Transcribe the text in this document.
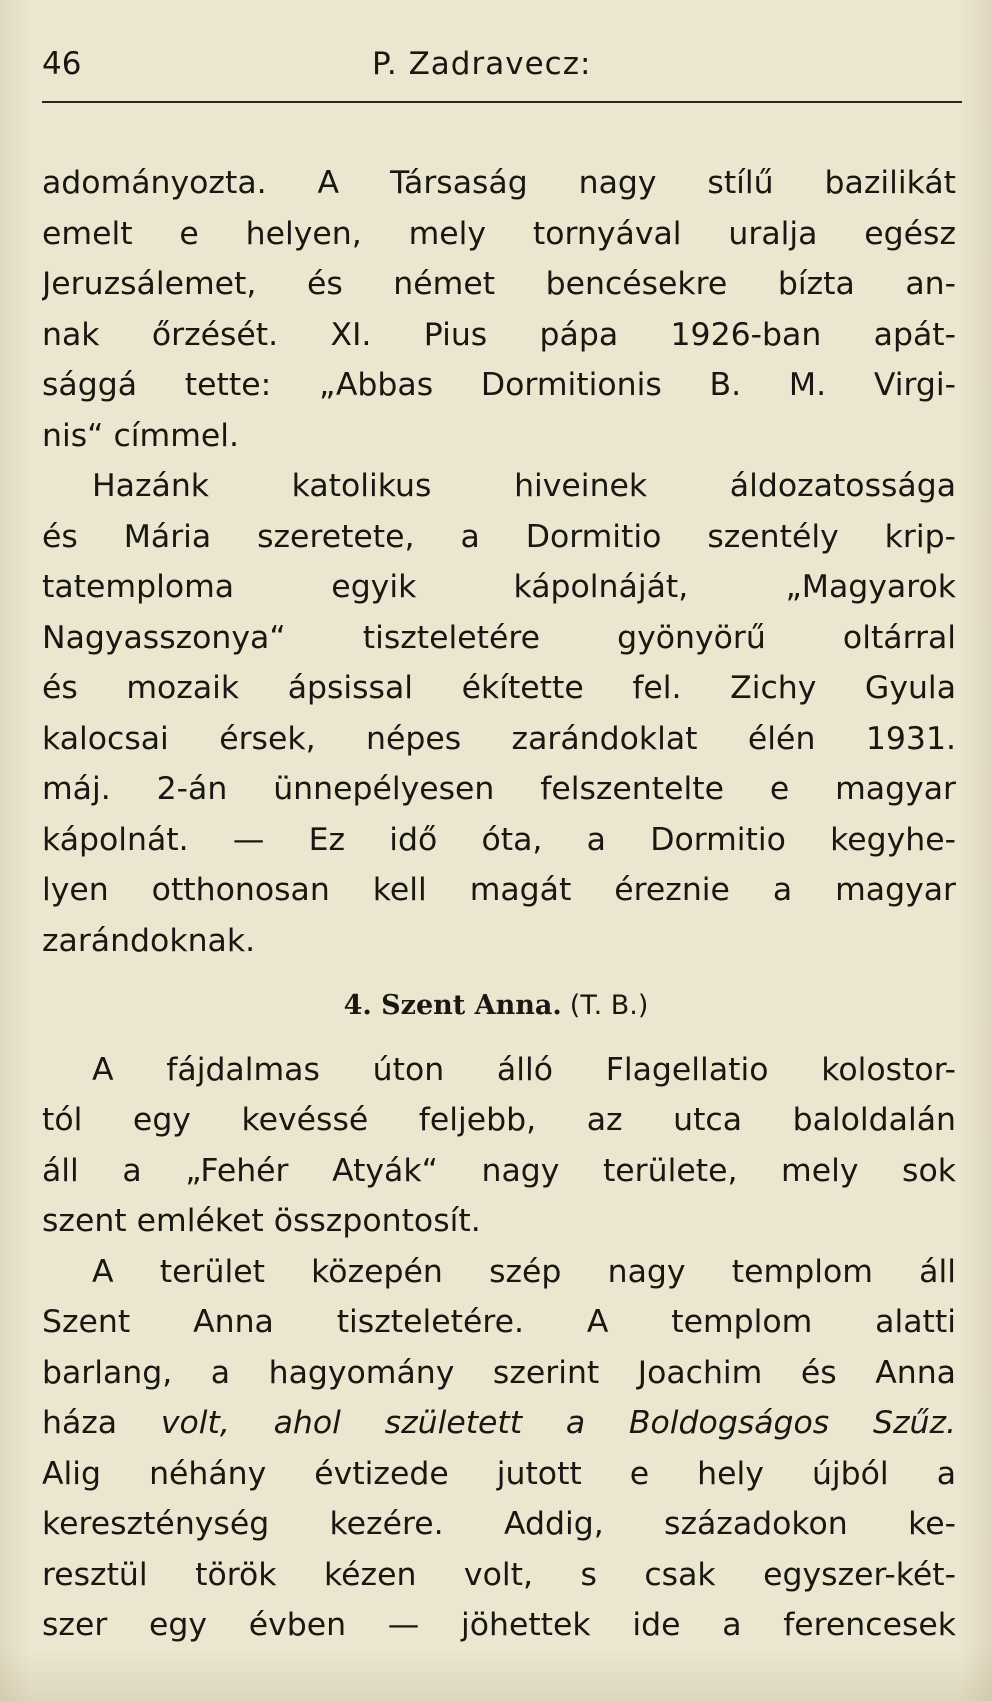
46	P. Zadravecz:
adományozta. A Társaság nagy stílű bazilikát
emelt e helyen, mely tornyával uralja egész
Jeruzsálemet, és német bencésekre bízta an-
nak őrzését. XI. Pius pápa 1926-ban apát-
sággá tette: „Abbas Dormitionis B. M. Virgi-
nis“ címmel.
Hazánk katolikus hiveinek áldozatossága
és Mária szeretete, a Dormitio szentély krip-
tatemploma egyik kápolnáját, „Magyarok
Nagyasszonya“ tiszteletére gyönyörű oltárral
és mozaik ápsissal ékítette fel. Zichy Gyula
kalocsai érsek, népes zarándoklat élén 1931.
máj. 2-án ünnepélyesen felszentelte e magyar
kápolnát. — Ez idő óta, a Dormitio kegyhe-
lyen otthonosan kell magát éreznie a magyar
zarándoknak.
4. Szent Anna. (T. B.)
A fájdalmas úton álló Flagellatio kolostor-
tól egy kevéssé feljebb, az utca baloldalán
áll a „Fehér Atyák“ nagy területe, mely sok
szent emléket összpontosít.
A terület közepén szép nagy templom áll
Szent Anna tiszteletére. A templom alatti
barlang, a hagyomány szerint Joachim és Anna
háza volt, ahol született a Boldogságos Szűz.
Alig néhány évtizede jutott e hely újból a
kereszténység kezére. Addig, századokon ke-
resztül török kézen volt, s csak egyszer-két-
szer egy évben — jöhettek ide a ferencesek
